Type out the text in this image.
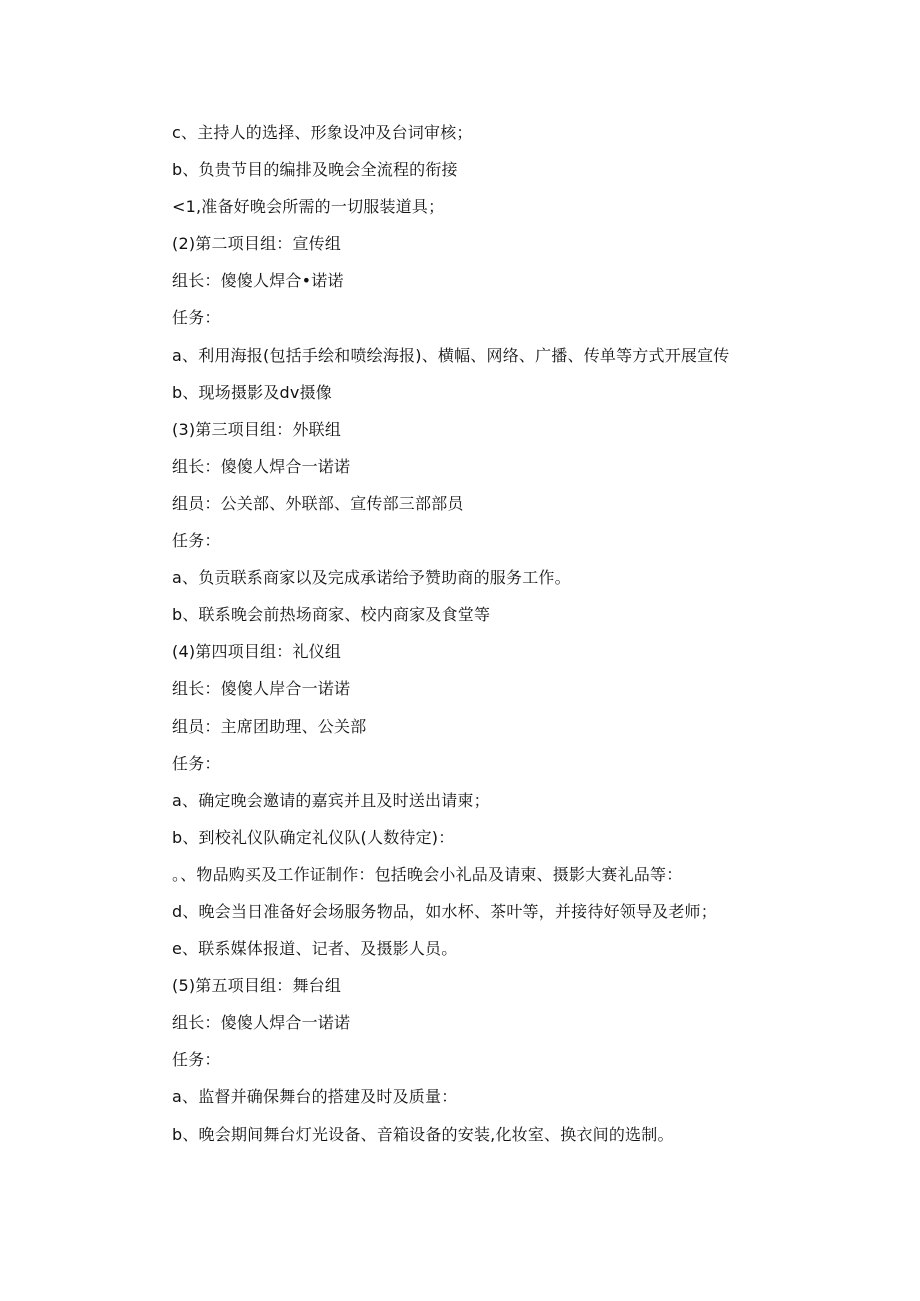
c、主持人的选择、形象设冲及台词审核；
b、负贵节目的编排及晚会全流程的衔接
<1,准备好晚会所需的一切服装道具；
(2)第二项目组：宣传组
组长：傻傻人焊合•诺诺
任务：
a、利用海报(包括手绘和喷绘海报)、横幅、网络、广播、传单等方式开展宣传
b、现场摄影及dv摄像
(3)第三项目组：外联组
组长：傻傻人焊合一诺诺
组员：公关部、外联部、宣传部三部部员
任务：
a、负贡联系商家以及完成承诺给予赞助商的服务工作。
b、联系晚会前热场商家、校内商家及食堂等
(4)第四项目组：礼仪组
组长：傻傻人岸合一诺诺
组员：主席团助理、公关部
任务：
a、确定晚会邀请的嘉宾并且及时送出请柬；
b、到校礼仪队确定礼仪队(人数待定)：
。、物品购买及工作证制作：包括晚会小礼品及请柬、摄影大赛礼品等：
d、晚会当日准备好会场服务物品，如水杯、茶叶等，并接待好领导及老师；
e、联系媒体报道、记者、及摄影人员。
(5)第五项目组：舞台组
组长：傻傻人焊合一诺诺
任务：
a、监督并确保舞台的搭建及时及质量：
b、晚会期间舞台灯光设备、音箱设备的安装,化妆室、换衣间的选制。
